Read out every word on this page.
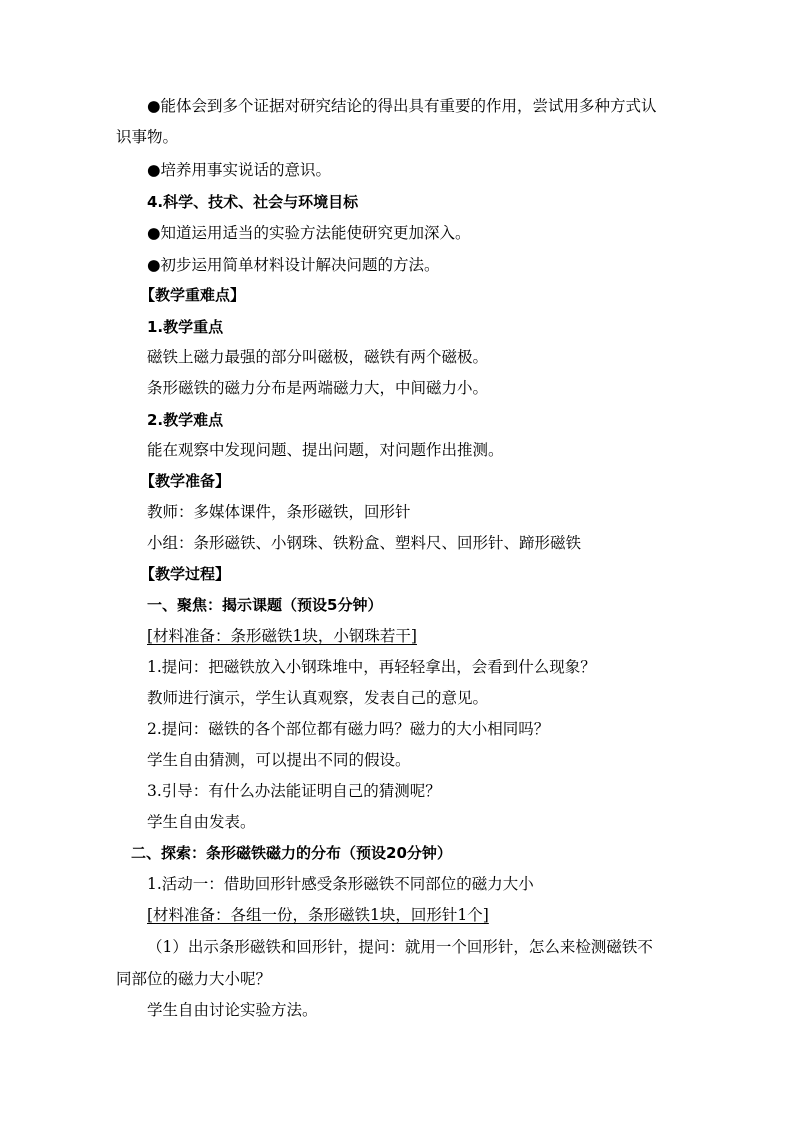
●能体会到多个证据对研究结论的得出具有重要的作用，尝试用多种方式认
识事物。
●培养用事实说话的意识。
4.科学、技术、社会与环境目标
●知道运用适当的实验方法能使研究更加深入。
●初步运用简单材料设计解决问题的方法。
【教学重难点】
1.教学重点
磁铁上磁力最强的部分叫磁极，磁铁有两个磁极。
条形磁铁的磁力分布是两端磁力大，中间磁力小。
2.教学难点
能在观察中发现问题、提出问题，对问题作出推测。
【教学准备】
教师：多媒体课件，条形磁铁，回形针
小组：条形磁铁、小钢珠、铁粉盒、塑料尺、回形针、蹄形磁铁
【教学过程】
一、聚焦：揭示课题（预设5分钟）
[材料准备：条形磁铁1块，小钢珠若干]
1.提问：把磁铁放入小钢珠堆中，再轻轻拿出，会看到什么现象？
教师进行演示，学生认真观察，发表自己的意见。
2.提问：磁铁的各个部位都有磁力吗？磁力的大小相同吗？
学生自由猜测，可以提出不同的假设。
3.引导：有什么办法能证明自己的猜测呢？
学生自由发表。
二、探索：条形磁铁磁力的分布（预设20分钟）
1.活动一：借助回形针感受条形磁铁不同部位的磁力大小
[材料准备：各组一份，条形磁铁1块，回形针1个]
（1）出示条形磁铁和回形针，提问：就用一个回形针，怎么来检测磁铁不
同部位的磁力大小呢？
学生自由讨论实验方法。
